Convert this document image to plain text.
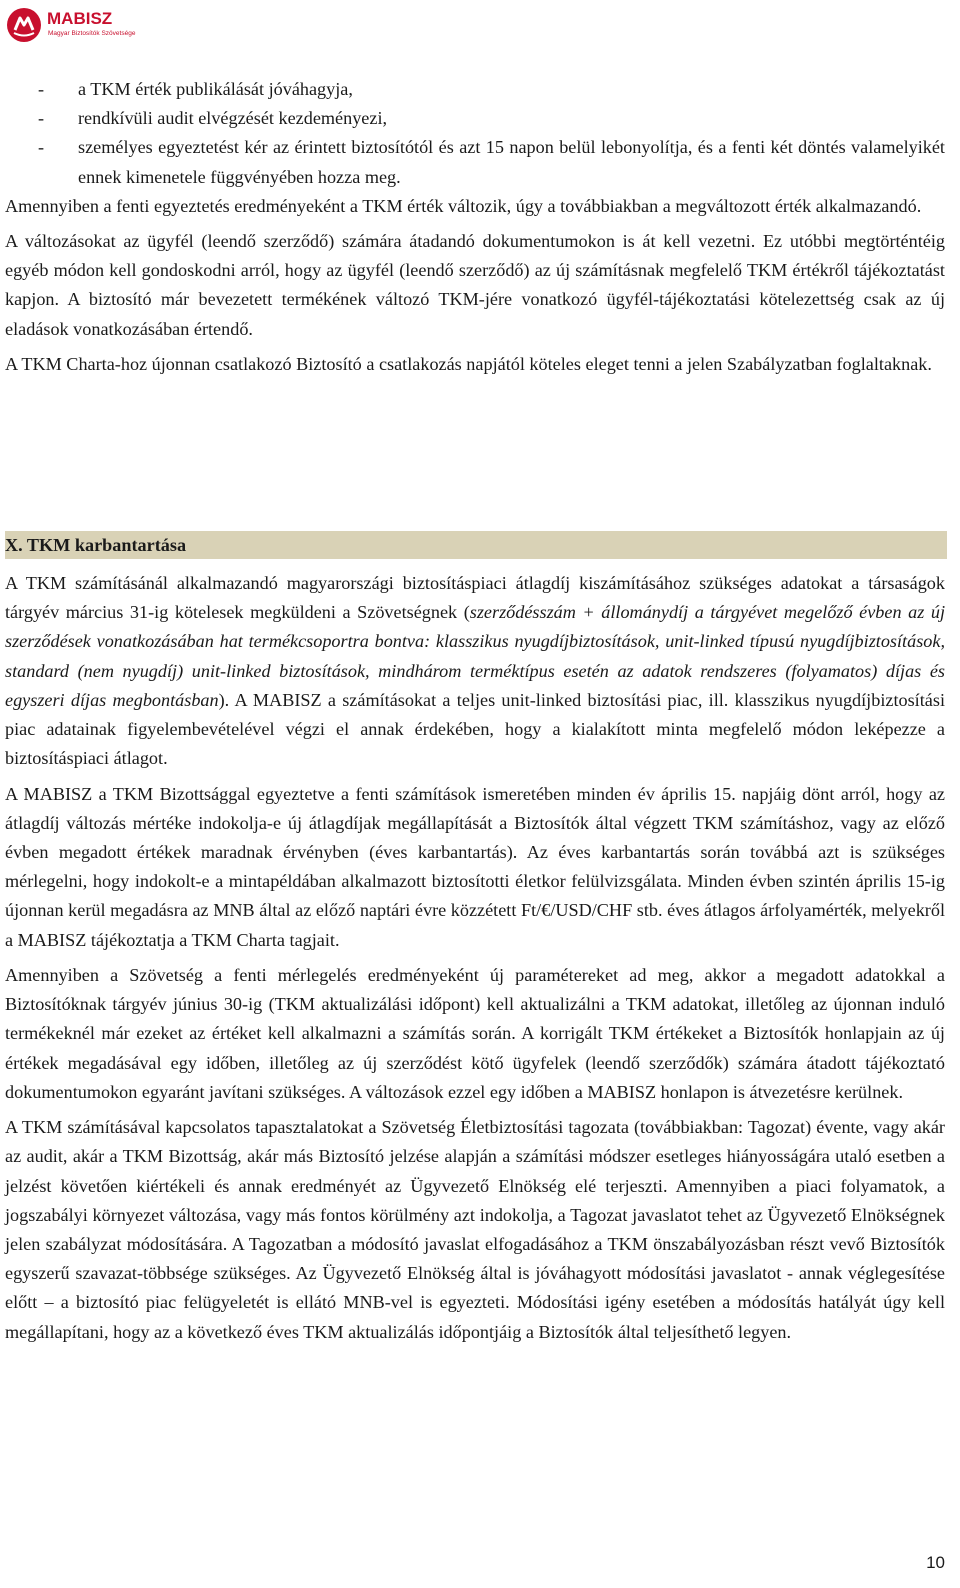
MABISZ
Magyar Biztosítók Szövetsége
- a TKM érték publikálását jóváhagyja,
- rendkívüli audit elvégzését kezdeményezi,
- személyes egyeztetést kér az érintett biztosítótól és azt 15 napon belül lebonyolítja, és a fenti két döntés valamelyikét ennek kimenetele függvényében hozza meg.

Amennyiben a fenti egyeztetés eredményeként a TKM érték változik, úgy a továbbiakban a megváltozott érték alkalmazandó.

A változásokat az ügyfél (leendő szerződő) számára átadandó dokumentumokon is át kell vezetni. Ez utóbbi megtörténtéig egyéb módon kell gondoskodni arról, hogy az ügyfél (leendő szerződő) az új számításnak megfelelő TKM értékről tájékoztatást kapjon. A biztosító már bevezetett termékének változó TKM-jére vonatkozó ügyfél-tájékoztatási kötelezettség csak az új eladások vonatkozásában értendő.

A TKM Charta-hoz újonnan csatlakozó Biztosító a csatlakozás napjától köteles eleget tenni a jelen Szabályzatban foglaltaknak.

X. TKM karbantartása

A TKM számításánál alkalmazandó magyarországi biztosításpiaci átlagdíj kiszámításához szükséges adatokat a társaságok tárgyév március 31-ig kötelesek megküldeni a Szövetségnek (szerződésszám + állománydíj a tárgyévet megelőző évben az új szerződések vonatkozásában hat termékcsoportra bontva: klasszikus nyugdíjbiztosítások, unit-linked típusú nyugdíjbiztosítások, standard (nem nyugdíj) unit-linked biztosítások, mindhárom terméktípus esetén az adatok rendszeres (folyamatos) díjas és egyszeri díjas megbontásban). A MABISZ a számításokat a teljes unit-linked biztosítási piac, ill. klasszikus nyugdíjbiztosítási piac adatainak figyelembevételével végzi el annak érdekében, hogy a kialakított minta megfelelő módon leképezze a biztosításpiaci átlagot.

A MABISZ a TKM Bizottsággal egyeztetve a fenti számítások ismeretében minden év április 15. napjáig dönt arról, hogy az átlagdíj változás mértéke indokolja-e új átlagdíjak megállapítását a Biztosítók által végzett TKM számításhoz, vagy az előző évben megadott értékek maradnak érvényben (éves karbantartás). Az éves karbantartás során továbbá azt is szükséges mérlegelni, hogy indokolt-e a mintapéldában alkalmazott biztosítotti életkor felülvizsgálata. Minden évben szintén április 15-ig újonnan kerül megadásra az MNB által az előző naptári évre közzétett Ft/€/USD/CHF stb. éves átlagos árfolyamérték, melyekről a MABISZ tájékoztatja a TKM Charta tagjait.

Amennyiben a Szövetség a fenti mérlegelés eredményeként új paramétereket ad meg, akkor a megadott adatokkal a Biztosítóknak tárgyév június 30-ig (TKM aktualizálási időpont) kell aktualizálni a TKM adatokat, illetőleg az újonnan induló termékeknél már ezeket az értéket kell alkalmazni a számítás során. A korrigált TKM értékeket a Biztosítók honlapjain az új értékek megadásával egy időben, illetőleg az új szerződést kötő ügyfelek (leendő szerződők) számára átadott tájékoztató dokumentumokon egyaránt javítani szükséges. A változások ezzel egy időben a MABISZ honlapon is átvezetésre kerülnek.

A TKM számításával kapcsolatos tapasztalatokat a Szövetség Életbiztosítási tagozata (továbbiakban: Tagozat) évente, vagy akár az audit, akár a TKM Bizottság, akár más Biztosító jelzése alapján a számítási módszer esetleges hiányosságára utaló esetben a jelzést követően kiértékeli és annak eredményét az Ügyvezető Elnökség elé terjeszti. Amennyiben a piaci folyamatok, a jogszabályi környezet változása, vagy más fontos körülmény azt indokolja, a Tagozat javaslatot tehet az Ügyvezető Elnökségnek jelen szabályzat módosítására. A Tagozatban a módosító javaslat elfogadásához a TKM önszabályozásban részt vevő Biztosítók egyszerű szavazat-többsége szükséges. Az Ügyvezető Elnökség által is jóváhagyott módosítási javaslatot - annak véglegesítése előtt – a biztosító piac felügyeletét is ellátó MNB-vel is egyezteti. Módosítási igény esetében a módosítás hatályát úgy kell megállapítani, hogy az a következő éves TKM aktualizálás időpontjáig a Biztosítók által teljesíthető legyen.

10
